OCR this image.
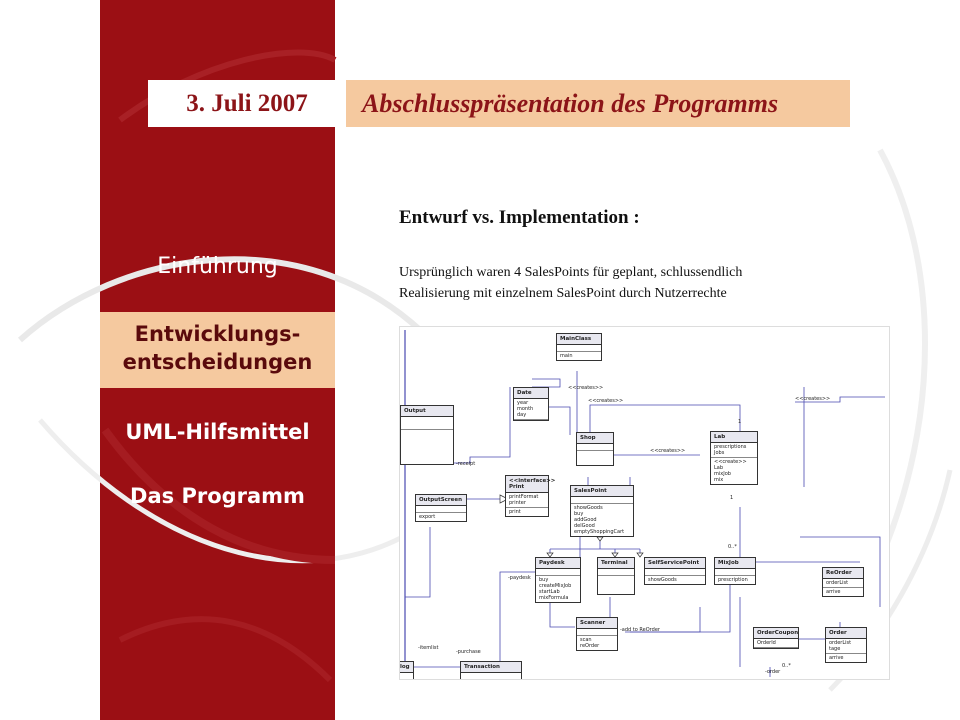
3. Juli 2007	Abschlusspräsentation des Programms
Einführung
Entwicklungs-
entscheidungen
UML-Hilfsmittel
Das Programm
Entwurf vs. Implementation :
Ursprünglich waren 4 SalesPoints für geplant, schlussendlich
Realisierung mit einzelnem SalesPoint durch Nutzerrechte
MainClass
main
Date
year
month
day
Output
Shop	Lab
prescriptions
Jobs
<<create>>
Lab
mixJob
mix
OutputScreen
export
<<interface>>
Print
printFormat
printer
print
SalesPoint
showGoods
buy
addGood
delGood
emptyShoppingCart
Paydesk
buy
createMixJob
startLab
mixFormula
Terminal	SelfServicePoint
showGoods
MixJob
prescription
ReOrder
orderList
arrive
Scanner
scan
reOrder
OrderCoupon
OrderId
Order
orderList
tage
arrive
Transaction
log
<<creates>>
<<creates>>
<<creates>>
<<creates>>
-receipt
-paydesk
-itemlist
-purchase
-add to ReOrder
-order
1
1
0..*
0..*
